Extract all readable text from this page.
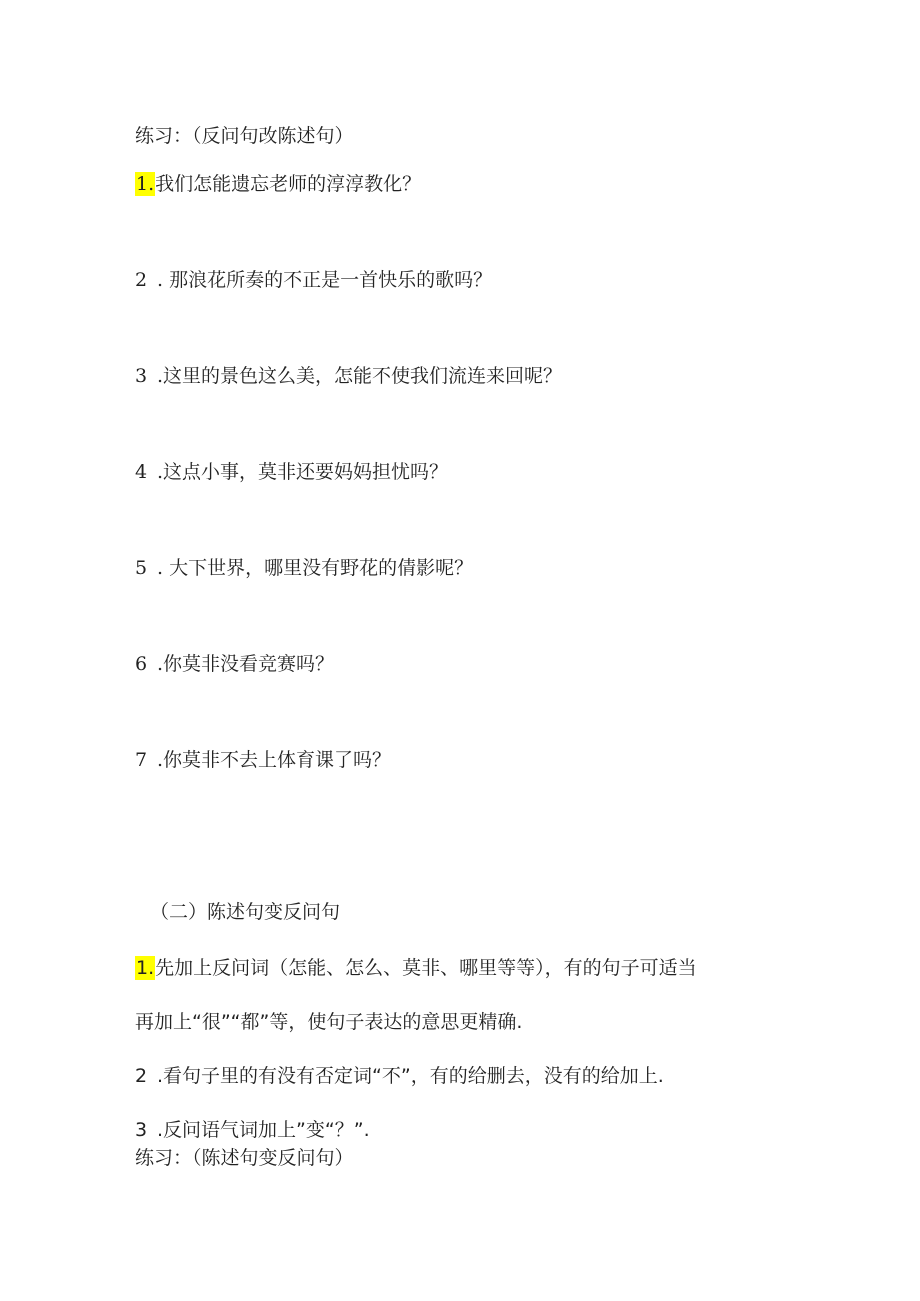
练习：（反问句改陈述句）
1.我们怎能遗忘老师的淳淳教化？
2 . 那浪花所奏的不正是一首快乐的歌吗？
3 .这里的景色这么美，怎能不使我们流连来回呢？
4 .这点小事，莫非还要妈妈担忧吗？
5 . 大下世界，哪里没有野花的倩影呢？
6 .你莫非没看竞赛吗？
7 .你莫非不去上体育课了吗？
（二）陈述句变反问句
1.先加上反问词（怎能、怎么、莫非、哪里等等），有的句子可适当
再加上“很”“都”等，使句子表达的意思更精确.
2 .看句子里的有没有否定词“不”，有的给删去，没有的给加上.
3 .反问语气词加上”变“？”.
练习：（陈述句变反问句）
